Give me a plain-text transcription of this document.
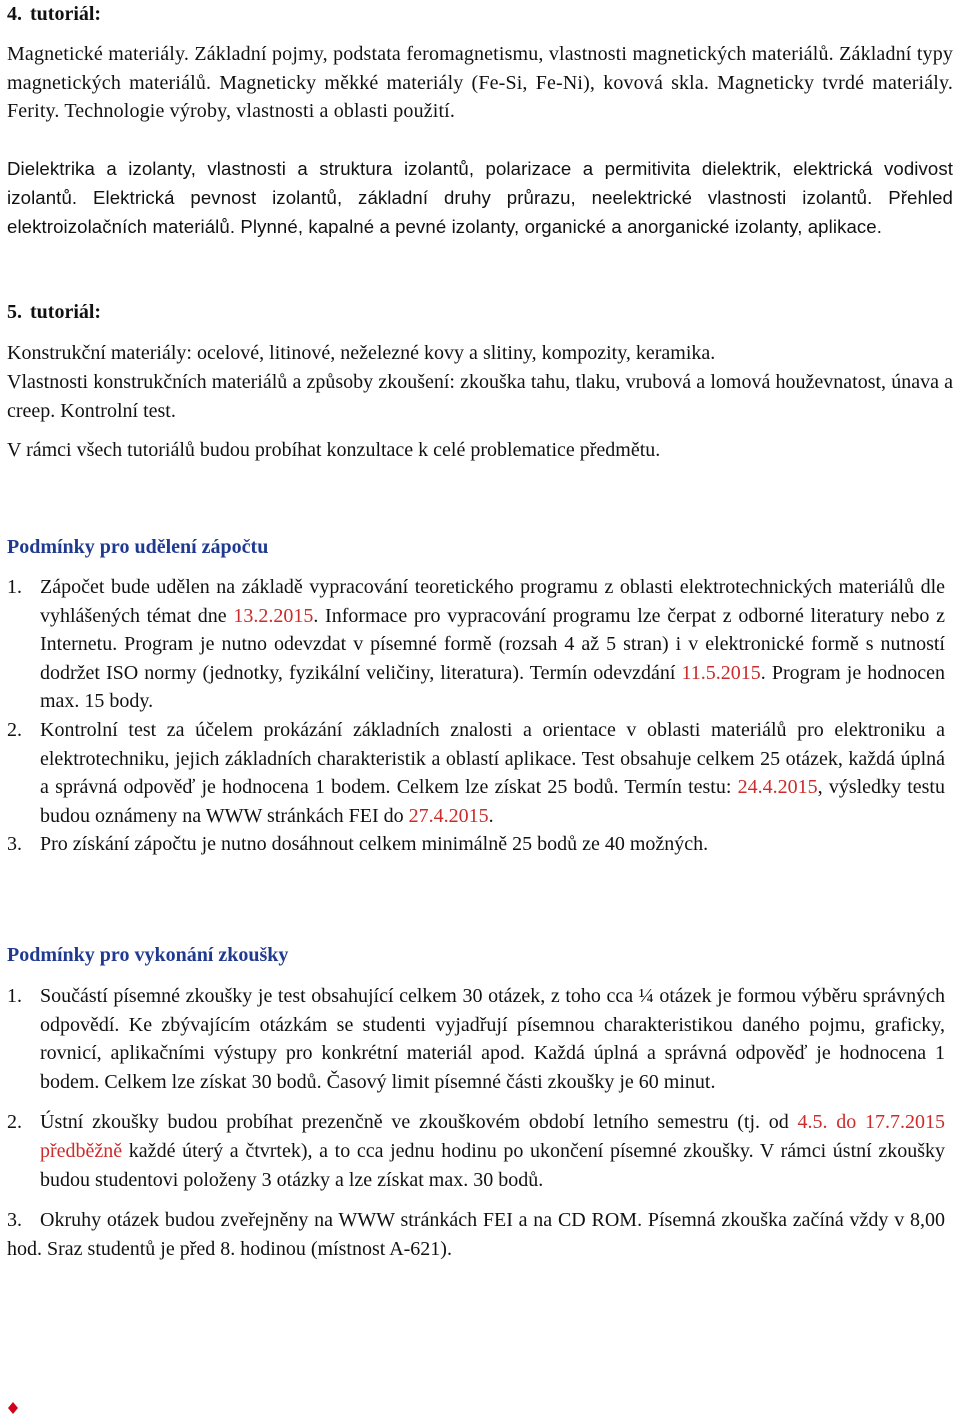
4. tutoriál:

Magnetické materiály. Základní pojmy, podstata feromagnetismu, vlastnosti magnetických materiálů. Základní typy magnetických materiálů. Magneticky měkké materiály (Fe-Si, Fe-Ni), kovová skla. Magneticky tvrdé materiály. Ferity. Technologie výroby, vlastnosti a oblasti použití.

Dielektrika a izolanty, vlastnosti a struktura izolantů, polarizace a permitivita dielektrik, elektrická vodivost izolantů. Elektrická pevnost izolantů, základní druhy průrazu, neelektrické vlastnosti izolantů. Přehled elektroizolačních materiálů. Plynné, kapalné a pevné izolanty, organické a anorganické izolanty, aplikace.

5. tutoriál:

Konstrukční materiály: ocelové, litinové, neželezné kovy a slitiny, kompozity, keramika.

Vlastnosti konstrukčních materiálů a způsoby zkoušení: zkouška tahu, tlaku, vrubová a lomová houževnatost, únava a creep. Kontrolní test.

V rámci všech tutoriálů budou probíhat konzultace k celé problematice předmětu.

Podmínky pro udělení zápočtu

1. Zápočet bude udělen na základě vypracování teoretického programu z oblasti elektrotechnických materiálů dle vyhlášených témat dne 13.2.2015. Informace pro vypracování programu lze čerpat z odborné literatury nebo z Internetu. Program je nutno odevzdat v písemné formě (rozsah 4 až 5 stran) i v elektronické formě s nutností dodržet ISO normy (jednotky, fyzikální veličiny, literatura). Termín odevzdání 11.5.2015. Program je hodnocen max. 15 body.

2. Kontrolní test za účelem prokázání základních znalosti a orientace v oblasti materiálů pro elektroniku a elektrotechniku, jejich základních charakteristik a oblastí aplikace. Test obsahuje celkem 25 otázek, každá úplná a správná odpověď je hodnocena 1 bodem. Celkem lze získat 25 bodů. Termín testu: 24.4.2015, výsledky testu budou oznámeny na WWW stránkách FEI do 27.4.2015.

3. Pro získání zápočtu je nutno dosáhnout celkem minimálně 25 bodů ze 40 možných.

Podmínky pro vykonání zkoušky

1. Součástí písemné zkoušky je test obsahující celkem 30 otázek, z toho cca ¼ otázek je formou výběru správných odpovědí. Ke zbývajícím otázkám se studenti vyjadřují písemnou charakteristikou daného pojmu, graficky, rovnicí, aplikačními výstupy pro konkrétní materiál apod. Každá úplná a správná odpověď je hodnocena 1 bodem. Celkem lze získat 30 bodů. Časový limit písemné části zkoušky je 60 minut.

2. Ústní zkoušky budou probíhat prezenčně ve zkouškovém období letního semestru (tj. od 4.5. do 17.7.2015 předběžně každé úterý a čtvrtek), a to cca jednu hodinu po ukončení písemné zkoušky. V rámci ústní zkoušky budou studentovi položeny 3 otázky a lze získat max. 30 bodů.

3. Okruhy otázek budou zveřejněny na WWW stránkách FEI a na CD ROM. Písemná zkouška začíná vždy v 8,00 hod. Sraz studentů je před 8. hodinou (místnost A-621).
